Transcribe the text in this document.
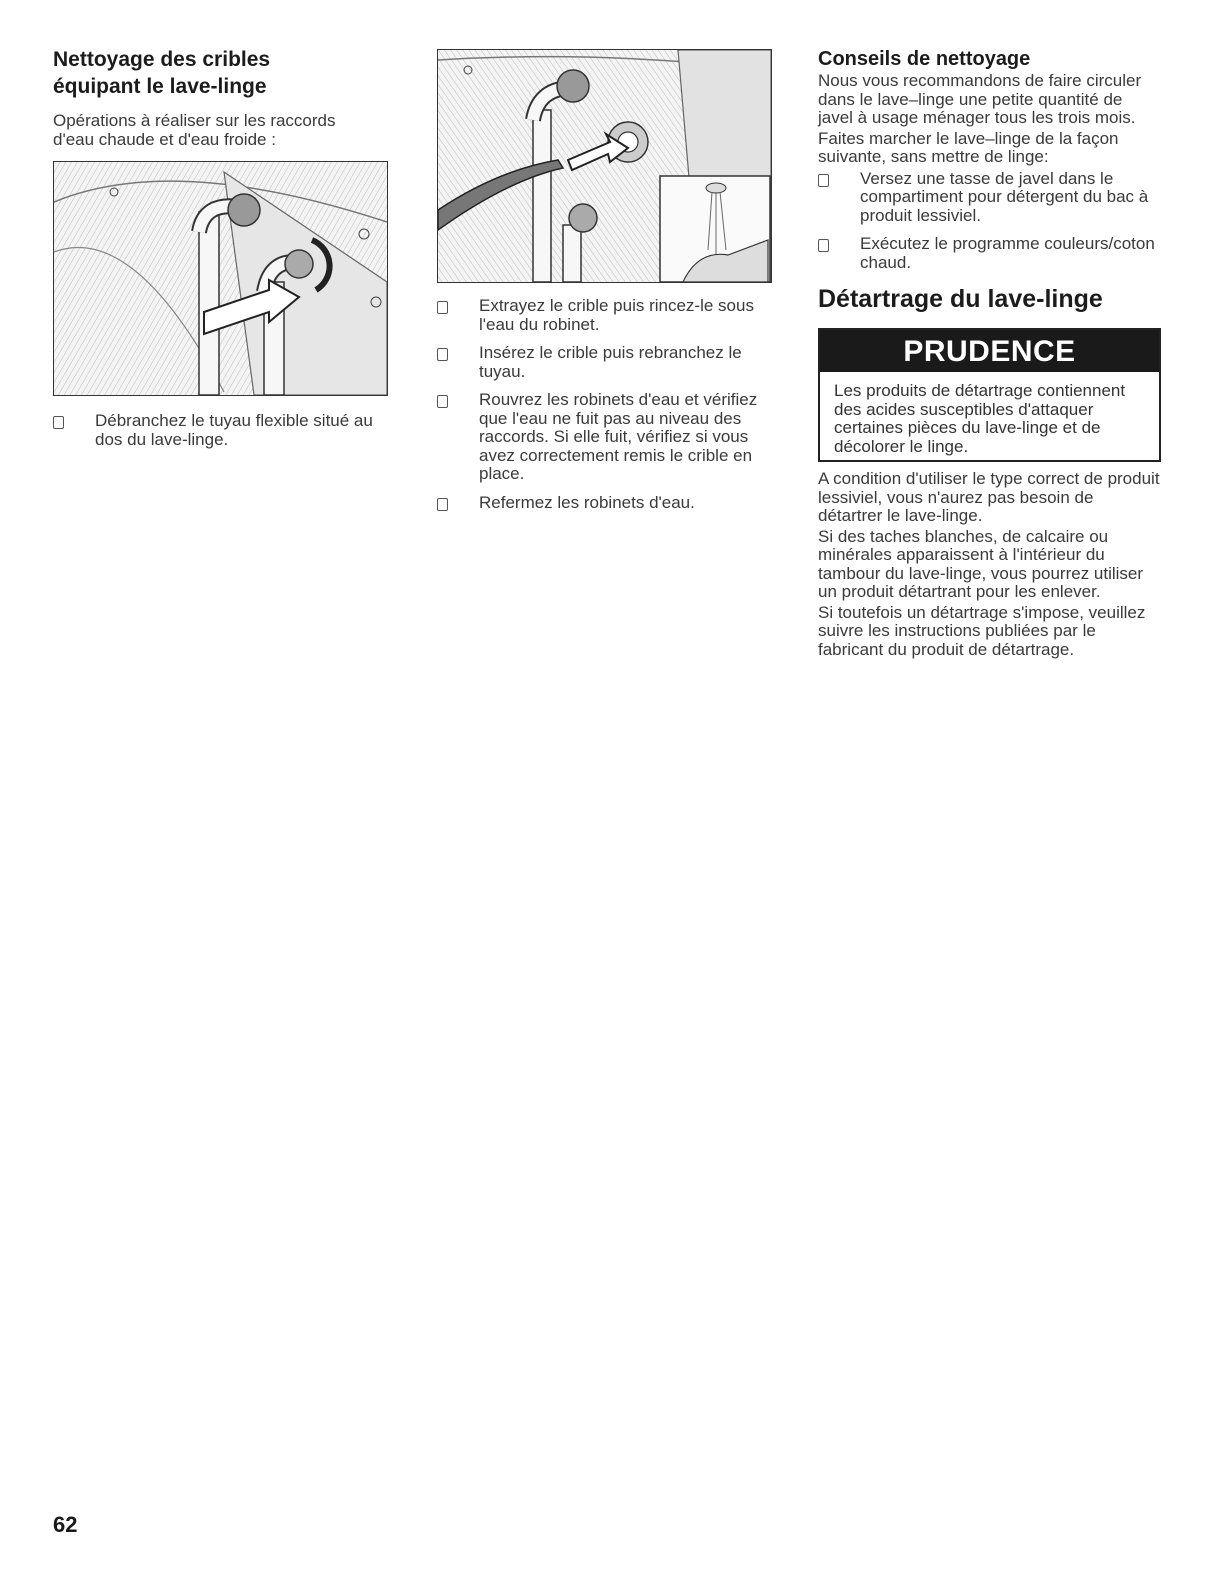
Nettoyage des cribles
équipant le lave-linge

Opérations à réaliser sur les raccords
d'eau chaude et d'eau froide :

Débranchez le tuyau flexible situé au dos du lave-linge.
Extrayez le crible puis rincez-le sous l'eau du robinet.
Insérez le crible puis rebranchez le tuyau.
Rouvrez les robinets d'eau et vérifiez que l'eau ne fuit pas au niveau des raccords. Si elle fuit, vérifiez si vous avez correctement remis le crible en place.
Refermez les robinets d'eau.
Conseils de nettoyage

Nous vous recommandons de faire circuler dans le lave–linge une petite quantité de javel à usage ménager tous les trois mois.

Faites marcher le lave–linge de la façon suivante, sans mettre de linge:

Versez une tasse de javel dans le compartiment pour détergent du bac à produit lessiviel.
Exécutez le programme couleurs/coton chaud.
Détartrage du lave-linge
PRUDENCE
Les produits de détartrage contiennent des acides susceptibles d'attaquer certaines pièces du lave-linge et de décolorer le linge.

A condition d'utiliser le type correct de produit lessiviel, vous n'aurez pas besoin de détartrer le lave-linge.

Si des taches blanches, de calcaire ou minérales apparaissent à l'intérieur du tambour du lave-linge, vous pourrez utiliser un produit détartrant pour les enlever.

Si toutefois un détartrage s'impose, veuillez suivre les instructions publiées par le fabricant du produit de détartrage.

62
